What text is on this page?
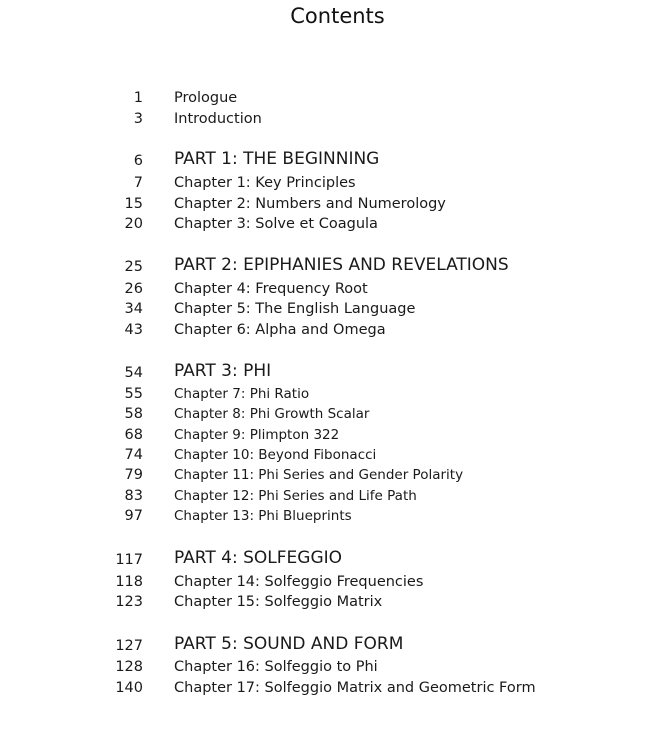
Contents
1 Prologue
3 Introduction
6 PART 1: THE BEGINNING
7 Chapter 1: Key Principles
15 Chapter 2: Numbers and Numerology
20 Chapter 3: Solve et Coagula
25 PART 2: EPIPHANIES AND REVELATIONS
26 Chapter 4: Frequency Root
34 Chapter 5: The English Language
43 Chapter 6: Alpha and Omega
54 PART 3: PHI
55 Chapter 7: Phi Ratio
58 Chapter 8: Phi Growth Scalar
68 Chapter 9: Plimpton 322
74 Chapter 10: Beyond Fibonacci
79 Chapter 11: Phi Series and Gender Polarity
83 Chapter 12: Phi Series and Life Path
97 Chapter 13: Phi Blueprints
117 PART 4: SOLFEGGIO
118 Chapter 14: Solfeggio Frequencies
123 Chapter 15: Solfeggio Matrix
127 PART 5: SOUND AND FORM
128 Chapter 16: Solfeggio to Phi
140 Chapter 17: Solfeggio Matrix and Geometric Form
